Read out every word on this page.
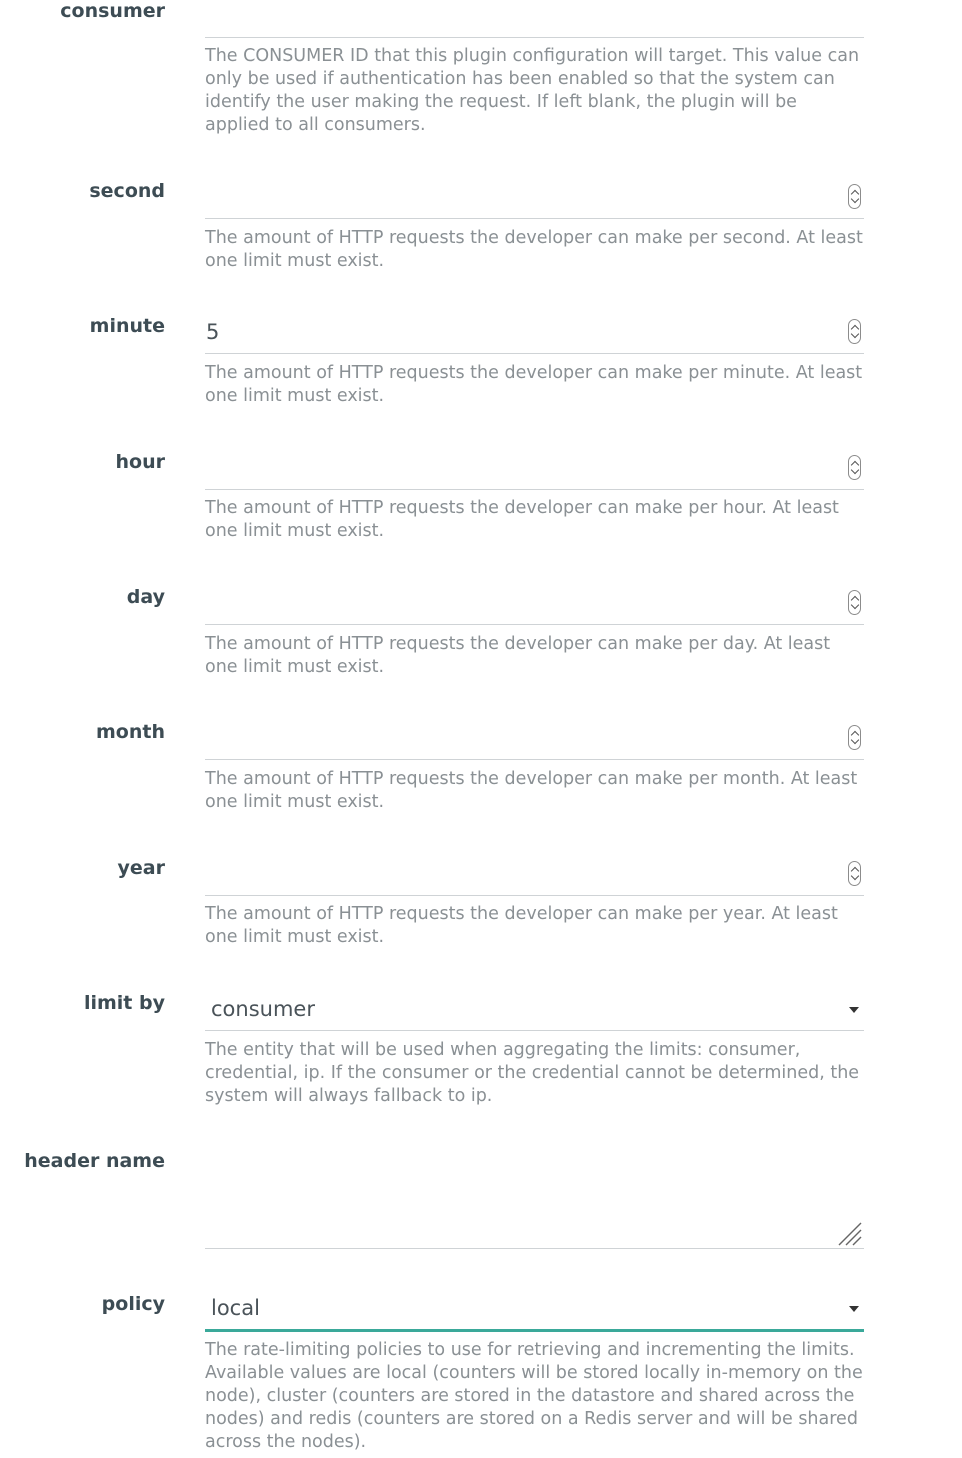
consumer
The CONSUMER ID that this plugin configuration will target. This value can only be used if authentication has been enabled so that the system can identify the user making the request. If left blank, the plugin will be applied to all consumers.
second
The amount of HTTP requests the developer can make per second. At least one limit must exist.
minute 5
The amount of HTTP requests the developer can make per minute. At least one limit must exist.
hour
The amount of HTTP requests the developer can make per hour. At least one limit must exist.
day
The amount of HTTP requests the developer can make per day. At least one limit must exist.
month
The amount of HTTP requests the developer can make per month. At least one limit must exist.
year
The amount of HTTP requests the developer can make per year. At least one limit must exist.
limit by consumer
The entity that will be used when aggregating the limits: consumer, credential, ip. If the consumer or the credential cannot be determined, the system will always fallback to ip.
header name
policy local
The rate-limiting policies to use for retrieving and incrementing the limits. Available values are local (counters will be stored locally in-memory on the node), cluster (counters are stored in the datastore and shared across the nodes) and redis (counters are stored on a Redis server and will be shared across the nodes).
